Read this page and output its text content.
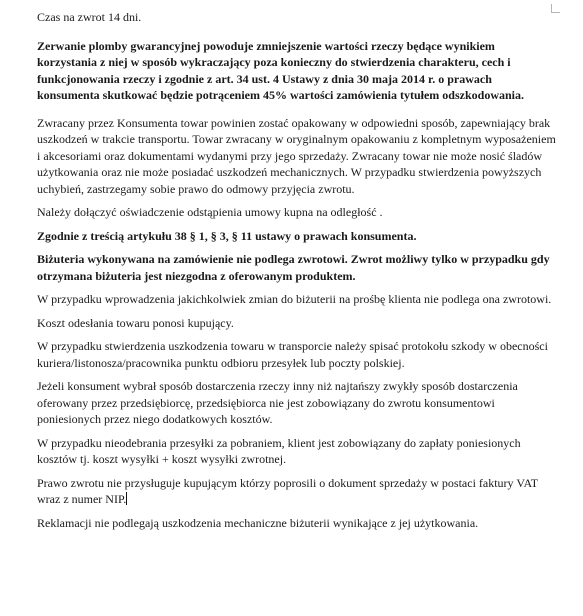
Czas na zwrot 14 dni.

Zerwanie plomby gwarancyjnej powoduje zmniejszenie wartości rzeczy będące wynikiem korzystania z niej w sposób wykraczający poza konieczny do stwierdzenia charakteru, cech i funkcjonowania rzeczy i zgodnie z art. 34 ust. 4 Ustawy z dnia 30 maja 2014 r. o prawach konsumenta skutkować będzie potrąceniem 45% wartości zamówienia tytułem odszkodowania.

Zwracany przez Konsumenta towar powinien zostać opakowany w odpowiedni sposób, zapewniający brak uszkodzeń w trakcie transportu. Towar zwracany w oryginalnym opakowaniu z kompletnym wyposażeniem i akcesoriami oraz dokumentami wydanymi przy jego sprzedaży. Zwracany towar nie może nosić śladów użytkowania oraz nie może posiadać uszkodzeń mechanicznych. W przypadku stwierdzenia powyższych uchybień, zastrzegamy sobie prawo do odmowy przyjęcia zwrotu.

Należy dołączyć oświadczenie odstąpienia umowy kupna na odległość .

Zgodnie z treścią artykułu 38 § 1, § 3, § 11 ustawy o prawach konsumenta.

Biżuteria wykonywana na zamówienie nie podlega zwrotowi. Zwrot możliwy tylko w przypadku gdy otrzymana biżuteria jest niezgodna z oferowanym produktem.

W przypadku wprowadzenia jakichkolwiek zmian do biżuterii na prośbę klienta nie podlega ona zwrotowi.

Koszt odesłania towaru ponosi kupujący.

W przypadku stwierdzenia uszkodzenia towaru w transporcie należy spisać protokołu szkody w obecności kuriera/listonosza/pracownika punktu odbioru przesyłek lub poczty polskiej.

Jeżeli konsument wybrał sposób dostarczenia rzeczy inny niż najtańszy zwykły sposób dostarczenia oferowany przez przedsiębiorcę, przedsiębiorca nie jest zobowiązany do zwrotu konsumentowi poniesionych przez niego dodatkowych kosztów.

W przypadku nieodebrania przesyłki za pobraniem, klient jest zobowiązany do zapłaty poniesionych kosztów tj. koszt wysyłki + koszt wysyłki zwrotnej.

Prawo zwrotu nie przysługuje kupującym którzy poprosili o dokument sprzedaży w postaci faktury VAT wraz z numer NIP.

Reklamacji nie podlegają uszkodzenia mechaniczne biżuterii wynikające z jej użytkowania.
